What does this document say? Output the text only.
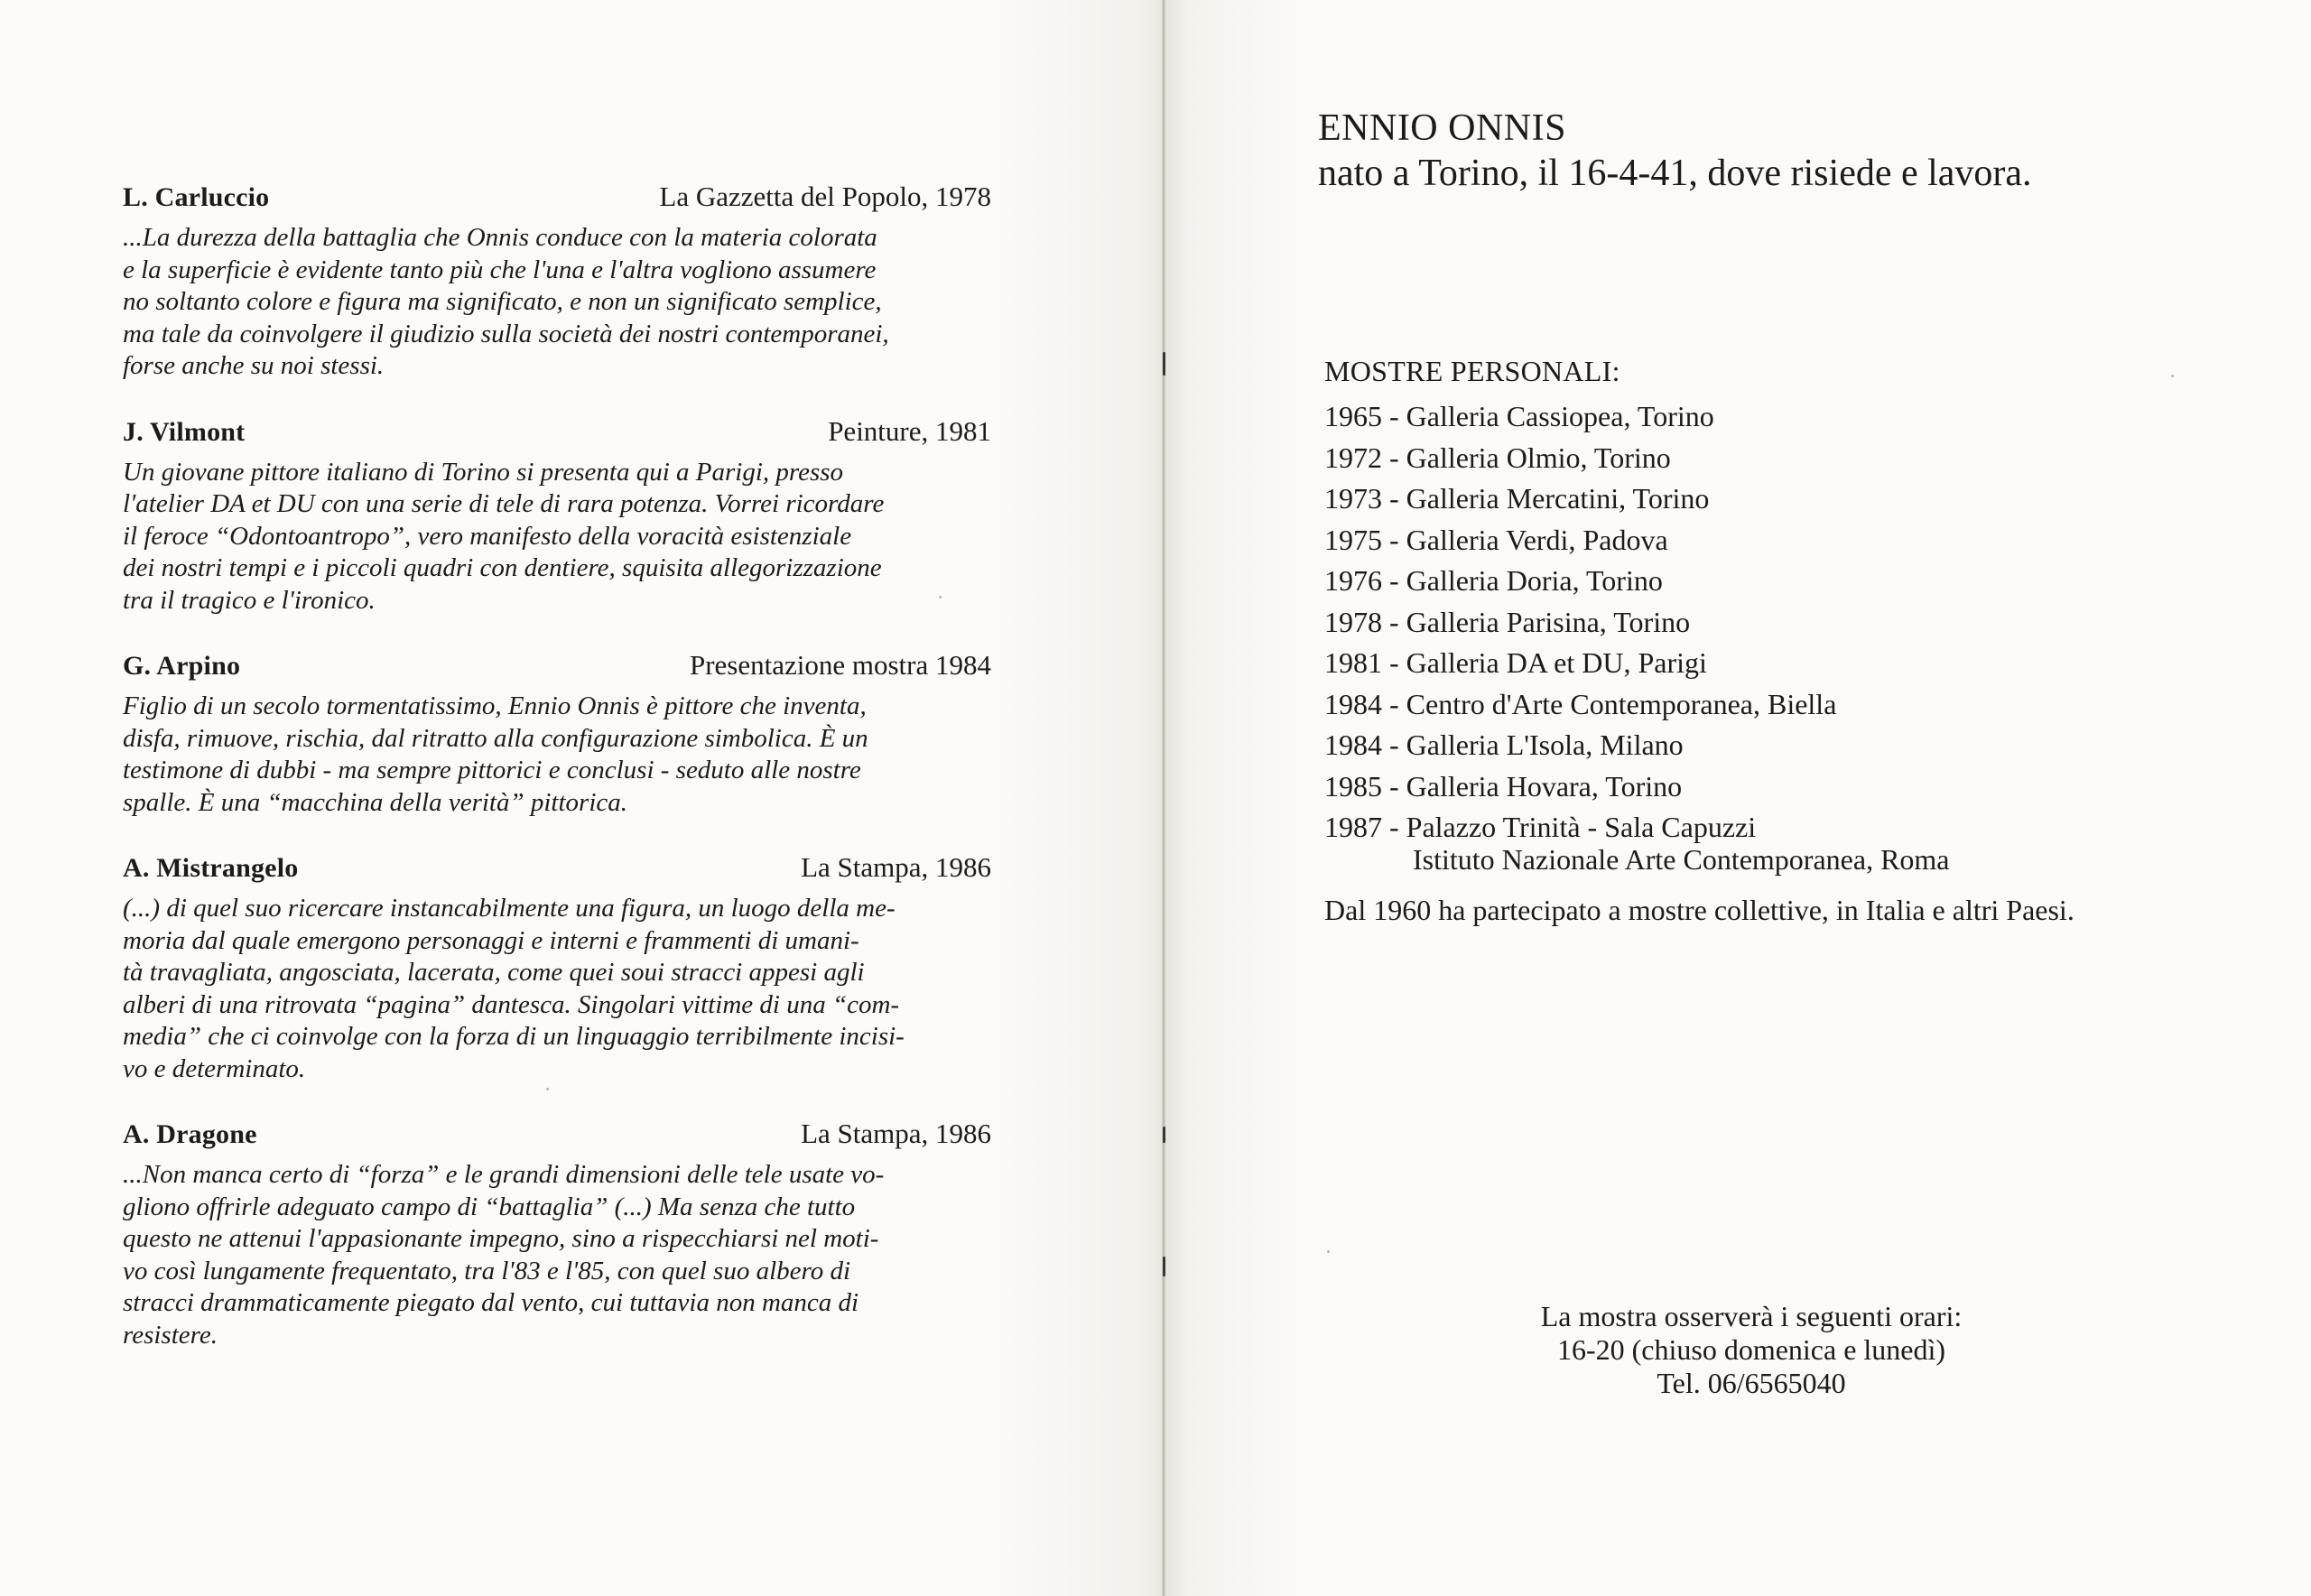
L. Carluccio	La Gazzetta del Popolo, 1978

...La durezza della battaglia che Onnis conduce con la materia colorata
e la superficie è evidente tanto più che l'una e l'altra vogliono assumere
no soltanto colore e figura ma significato, e non un significato semplice,
ma tale da coinvolgere il giudizio sulla società dei nostri contemporanei,
forse anche su noi stessi.

J. Vilmont	Peinture, 1981

Un giovane pittore italiano di Torino si presenta qui a Parigi, presso
l'atelier DA et DU con una serie di tele di rara potenza. Vorrei ricordare
il feroce “Odontoantropo”, vero manifesto della voracità esistenziale
dei nostri tempi e i piccoli quadri con dentiere, squisita allegorizzazione
tra il tragico e l'ironico.

G. Arpino	Presentazione mostra 1984

Figlio di un secolo tormentatissimo, Ennio Onnis è pittore che inventa,
disfa, rimuove, rischia, dal ritratto alla configurazione simbolica. È un
testimone di dubbi - ma sempre pittorici e conclusi - seduto alle nostre
spalle. È una “macchina della verità” pittorica.

A. Mistrangelo	La Stampa, 1986

(...) di quel suo ricercare instancabilmente una figura, un luogo della me-
moria dal quale emergono personaggi e interni e frammenti di umani-
tà travagliata, angosciata, lacerata, come quei soui stracci appesi agli
alberi di una ritrovata “pagina” dantesca. Singolari vittime di una “com-
media” che ci coinvolge con la forza di un linguaggio terribilmente incisi-
vo e determinato.

A. Dragone	La Stampa, 1986

...Non manca certo di “forza” e le grandi dimensioni delle tele usate vo-
gliono offrirle adeguato campo di “battaglia” (...) Ma senza che tutto
questo ne attenui l'appasionante impegno, sino a rispecchiarsi nel moti-
vo così lungamente frequentato, tra l'83 e l'85, con quel suo albero di
stracci drammaticamente piegato dal vento, cui tuttavia non manca di
resistere.

ENNIO ONNIS
nato a Torino, il 16-4-41, dove risiede e lavora.
MOSTRE PERSONALI:
1965 - Galleria Cassiopea, Torino
1972 - Galleria Olmio, Torino
1973 - Galleria Mercatini, Torino
1975 - Galleria Verdi, Padova
1976 - Galleria Doria, Torino
1978 - Galleria Parisina, Torino
1981 - Galleria DA et DU, Parigi
1984 - Centro d'Arte Contemporanea, Biella
1984 - Galleria L'Isola, Milano
1985 - Galleria Hovara, Torino
1987 - Palazzo Trinità - Sala Capuzzi
Istituto Nazionale Arte Contemporanea, Roma
Dal 1960 ha partecipato a mostre collettive, in Italia e altri Paesi.
La mostra osserverà i seguenti orari:
16-20 (chiuso domenica e lunedì)
Tel. 06/6565040
